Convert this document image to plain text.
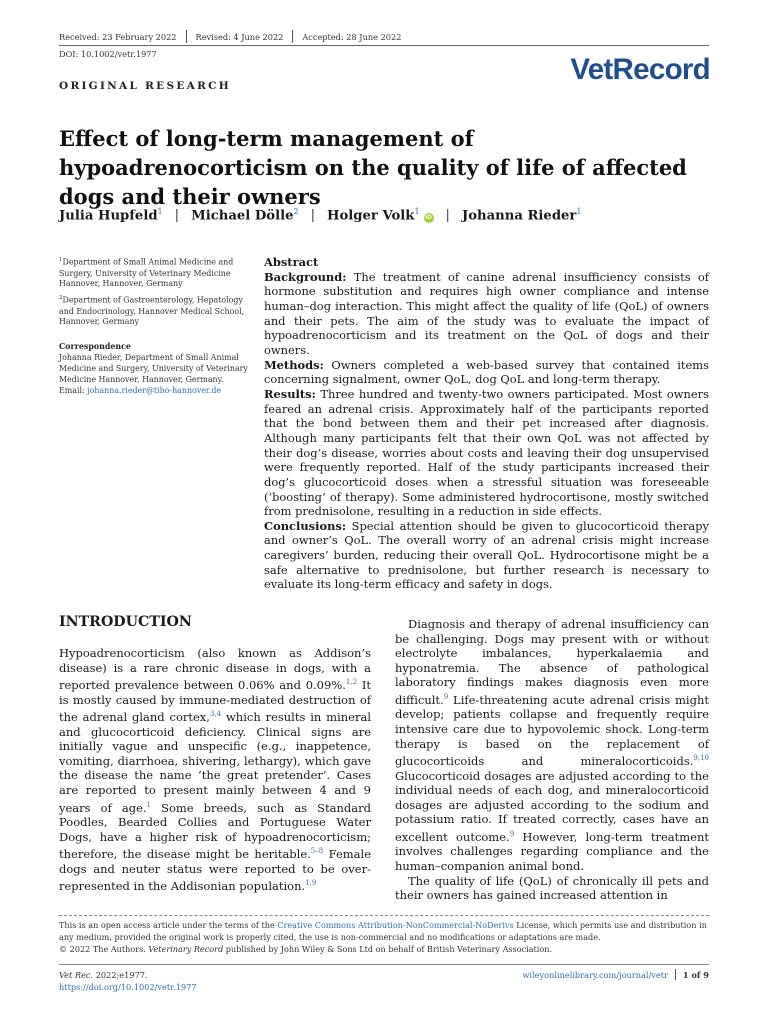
Received: 23 February 2022 Revised: 4 June 2022 Accepted: 28 June 2022
DOI: 10.1002/vetr.1977
ORIGINAL RESEARCH	VetRecord
Effect of long-term management of hypoadrenocorticism on the quality of life of affected dogs and their owners
Julia Hupfeld$^1$ | Michael Dölle$^2$ | Holger Volk$^1$iD | Johanna Rieder$^1$
$^1$Department of Small Animal Medicine and Surgery, University of Veterinary Medicine Hannover, Hannover, Germany
$^2$Department of Gastroenterology, Hepatology and Endocrinology, Hannover Medical School, Hannover, Germany
Correspondence
Johanna Rieder, Department of Small Animal Medicine and Surgery, University of Veterinary Medicine Hannover, Hannover, Germany.
Email: johanna.rieder@tiho-hannover.de
Abstract

Background: The treatment of canine adrenal insufficiency consists of hormone substitution and requires high owner compliance and intense human–dog interaction. This might affect the quality of life (QoL) of owners and their pets. The aim of the study was to evaluate the impact of hypoadrenocorticism and its treatment on the QoL of dogs and their owners.

Methods: Owners completed a web-based survey that contained items concerning signalment, owner QoL, dog QoL and long-term therapy.

Results: Three hundred and twenty-two owners participated. Most owners feared an adrenal crisis. Approximately half of the participants reported that the bond between them and their pet increased after diagnosis. Although many participants felt that their own QoL was not affected by their dog’s disease, worries about costs and leaving their dog unsupervised were frequently reported. Half of the study participants increased their dog’s glucocorticoid doses when a stressful situation was foreseeable (‘boosting’ of therapy). Some administered hydrocortisone, mostly switched from prednisolone, resulting in a reduction in side effects.

Conclusions: Special attention should be given to glucocorticoid therapy and owner’s QoL. The overall worry of an adrenal crisis might increase caregivers’ burden, reducing their overall QoL. Hydrocortisone might be a safe alternative to prednisolone, but further research is necessary to evaluate its long-term efficacy and safety in dogs.

INTRODUCTION

Hypoadrenocorticism (also known as Addison’s disease) is a rare chronic disease in dogs, with a reported prevalence between 0.06% and 0.09%.$^{1,2}$ It is mostly caused by immune-mediated destruction of the adrenal gland cortex,$^{3,4}$ which results in mineral and glucocorticoid deficiency. Clinical signs are initially vague and unspecific (e.g., inappetence, vomiting, diarrhoea, shivering, lethargy), which gave the disease the name ‘the great pretender’. Cases are reported to present mainly between 4 and 9 years of age.$^1$ Some breeds, such as Standard Poodles, Bearded Collies and Portuguese Water Dogs, have a higher risk of hypoadrenocorticism; therefore, the disease might be heritable.$^{5-8}$ Female dogs and neuter status were reported to be over-represented in the Addisonian population.$^{1,9}$

Diagnosis and therapy of adrenal insufficiency can be challenging. Dogs may present with or without electrolyte imbalances, hyperkalaemia and hyponatremia. The absence of pathological laboratory findings makes diagnosis even more difficult.$^9$ Life-threatening acute adrenal crisis might develop; patients collapse and frequently require intensive care due to hypovolemic shock. Long-term therapy is based on the replacement of glucocorticoids and mineralocorticoids.$^{9,10}$ Glucocorticoid dosages are adjusted according to the individual needs of each dog, and mineralocorticoid dosages are adjusted according to the sodium and potassium ratio. If treated correctly, cases have an excellent outcome.$^9$ However, long-term treatment involves challenges regarding compliance and the human–companion animal bond.

The quality of life (QoL) of chronically ill pets and their owners has gained increased attention in

This is an open access article under the terms of the Creative Commons Attribution-NonCommercial-NoDerivs License, which permits use and distribution in any medium, provided the original work is properly cited, the use is non-commercial and no modifications or adaptations are made.
© 2022 The Authors. Veterinary Record published by John Wiley & Sons Ltd on behalf of British Veterinary Association.
Vet Rec. 2022;e1977.
https://doi.org/10.1002/vetr.1977
wileyonlinelibrary.com/journal/vetr 1 of 9
